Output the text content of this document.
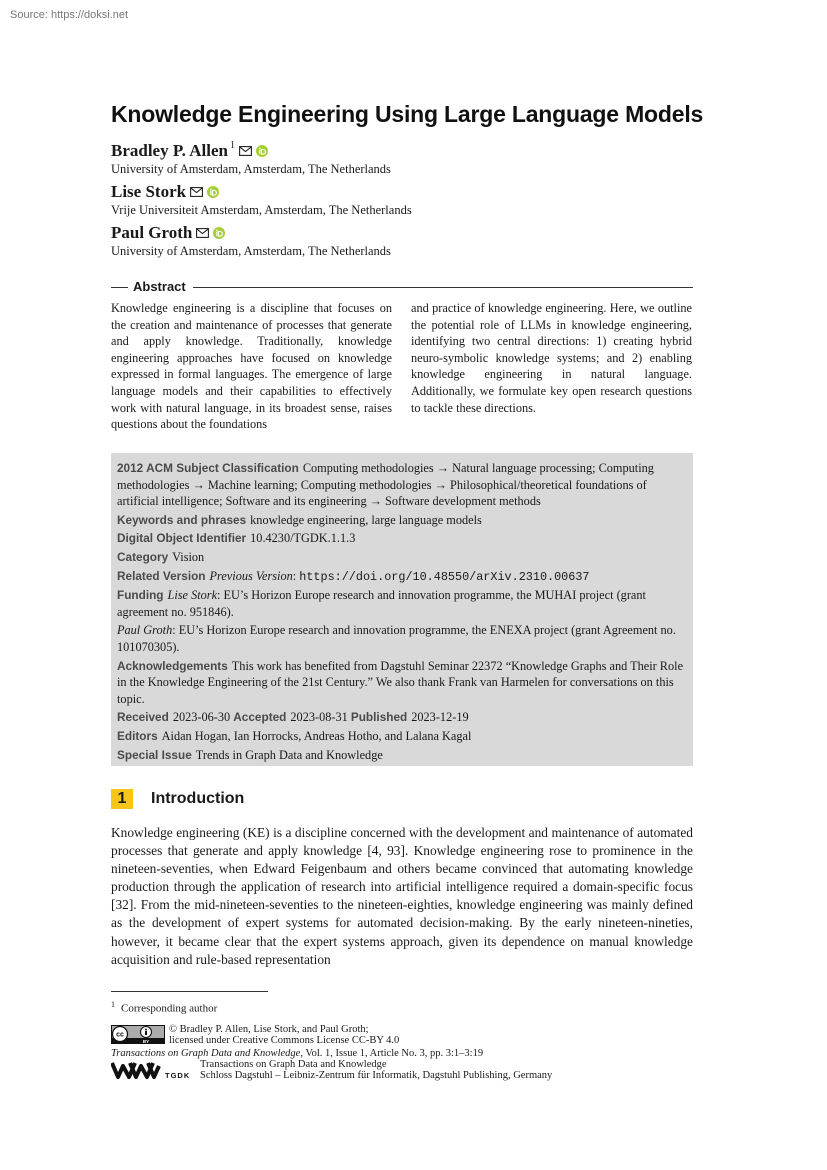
Source: https://doksi.net
Knowledge Engineering Using Large Language Models
Bradley P. Allen$^1$
University of Amsterdam, Amsterdam, The Netherlands
Lise Stork
Vrije Universiteit Amsterdam, Amsterdam, The Netherlands
Paul Groth
University of Amsterdam, Amsterdam, The Netherlands
Abstract
Knowledge engineering is a discipline that focuses on the creation and maintenance of processes that generate and apply knowledge. Traditionally, knowledge engineering approaches have focused on knowledge expressed in formal languages. The emergence of large language models and their capabilities to effectively work with natural language, in its broadest sense, raises questions about the foundations
and practice of knowledge engineering. Here, we outline the potential role of LLMs in knowledge engineering, identifying two central directions: 1) creating hybrid neuro-symbolic knowledge systems; and 2) enabling knowledge engineering in natural language. Additionally, we formulate key open research questions to tackle these directions.
2012 ACM Subject Classification Computing methodologies → Natural language processing; Computing methodologies → Machine learning; Computing methodologies → Philosophical/theoretical foundations of artificial intelligence; Software and its engineering → Software development methods
Keywords and phrases knowledge engineering, large language models
Digital Object Identifier 10.4230/TGDK.1.1.3
Category Vision
Related Version Previous Version: https://doi.org/10.48550/arXiv.2310.00637
Funding Lise Stork: EU’s Horizon Europe research and innovation programme, the MUHAI project (grant agreement no. 951846).
Paul Groth: EU’s Horizon Europe research and innovation programme, the ENEXA project (grant Agreement no. 101070305).
Acknowledgements This work has benefited from Dagstuhl Seminar 22372 “Knowledge Graphs and Their Role in the Knowledge Engineering of the 21st Century.” We also thank Frank van Harmelen for conversations on this topic.
Received 2023-06-30 Accepted 2023-08-31 Published 2023-12-19
Editors Aidan Hogan, Ian Horrocks, Andreas Hotho, and Lalana Kagal
Special Issue Trends in Graph Data and Knowledge
1	Introduction
Knowledge engineering (KE) is a discipline concerned with the development and maintenance of automated processes that generate and apply knowledge [4, 93]. Knowledge engineering rose to prominence in the nineteen-seventies, when Edward Feigenbaum and others became convinced that automating knowledge production through the application of research into artificial intelligence required a domain-specific focus [32]. From the mid-nineteen-seventies to the nineteen-eighties, knowledge engineering was mainly defined as the development of expert systems for automated decision-making. By the early nineteen-nineties, however, it became clear that the expert systems approach, given its dependence on manual knowledge acquisition and rule-based representation
$^1$ Corresponding author
cc
BY
© Bradley P. Allen, Lise Stork, and Paul Groth;
licensed under Creative Commons License CC-BY 4.0
Transactions on Graph Data and Knowledge, Vol. 1, Issue 1, Article No. 3, pp. 3:1–3:19
TGDK
Transactions on Graph Data and Knowledge
Schloss Dagstuhl – Leibniz-Zentrum für Informatik, Dagstuhl Publishing, Germany
